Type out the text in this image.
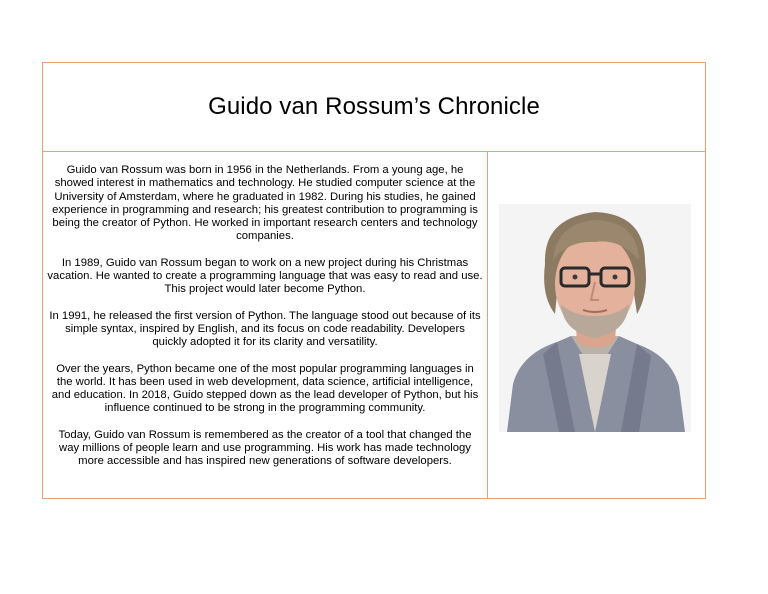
Guido van Rossum’s Chronicle

Guido van Rossum was born in 1956 in the Netherlands. From a young age, he showed interest in mathematics and technology. He studied computer science at the University of Amsterdam, where he graduated in 1982. During his studies, he gained experience in programming and research; his greatest contribution to programming is being the creator of Python. He worked in important research centers and technology companies.

In 1989, Guido van Rossum began to work on a new project during his Christmas vacation. He wanted to create a programming language that was easy to read and use. This project would later become Python.

In 1991, he released the first version of Python. The language stood out because of its simple syntax, inspired by English, and its focus on code readability. Developers quickly adopted it for its clarity and versatility.

Over the years, Python became one of the most popular programming languages in the world. It has been used in web development, data science, artificial intelligence, and education. In 2018, Guido stepped down as the lead developer of Python, but his influence continued to be strong in the programming community.

Today, Guido van Rossum is remembered as the creator of a tool that changed the way millions of people learn and use programming. His work has made technology more accessible and has inspired new generations of software developers.
